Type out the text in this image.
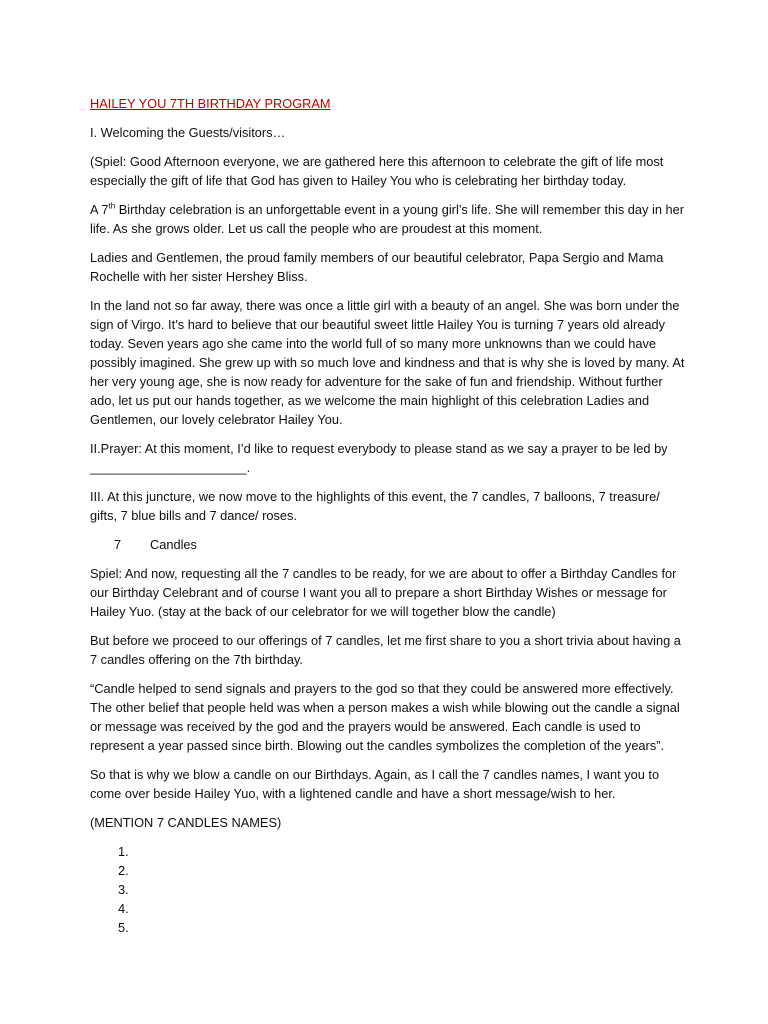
HAILEY YOU 7TH BIRTHDAY PROGRAM
I. Welcoming the Guests/visitors…
(Spiel: Good Afternoon everyone, we are gathered here this afternoon to celebrate the gift of life most especially the gift of life that God has given to Hailey You who is celebrating her birthday today.
A 7th Birthday celebration is an unforgettable event in a young girl’s life. She will remember this day in her life. As she grows older. Let us call the people who are proudest at this moment.
Ladies and Gentlemen, the proud family members of our beautiful celebrator, Papa Sergio and Mama Rochelle with her sister Hershey Bliss.
In the land not so far away, there was once a little girl with a beauty of an angel. She was born under the sign of Virgo. It’s hard to believe that our beautiful sweet little Hailey You is turning 7 years old already today. Seven years ago she came into the world full of so many more unknowns than we could have possibly imagined. She grew up with so much love and kindness and that is why she is loved by many. At her very young age, she is now ready for adventure for the sake of fun and friendship. Without further ado, let us put our hands together, as we welcome the main highlight of this celebration Ladies and Gentlemen, our lovely celebrator Hailey You.
II.Prayer: At this moment, I’d like to request everybody to please stand as we say a prayer to be led by ______________________.
III. At this juncture, we now move to the highlights of this event, the 7 candles, 7 balloons, 7 treasure/ gifts, 7 blue bills and 7 dance/ roses.
7 Candles
Spiel: And now, requesting all the 7 candles to be ready, for we are about to offer a Birthday Candles for our Birthday Celebrant and of course I want you all to prepare a short Birthday Wishes or message for Hailey Yuo. (stay at the back of our celebrator for we will together blow the candle)
But before we proceed to our offerings of 7 candles, let me first share to you a short trivia about having a 7 candles offering on the 7th birthday.
“Candle helped to send signals and prayers to the god so that they could be answered more effectively. The other belief that people held was when a person makes a wish while blowing out the candle a signal or message was received by the god and the prayers would be answered. Each candle is used to represent a year passed since birth. Blowing out the candles symbolizes the completion of the years”.
So that is why we blow a candle on our Birthdays. Again, as I call the 7 candles names, I want you to come over beside Hailey Yuo, with a lightened candle and have a short message/wish to her.
(MENTION 7 CANDLES NAMES)
1.
2.
3.
4.
5.
